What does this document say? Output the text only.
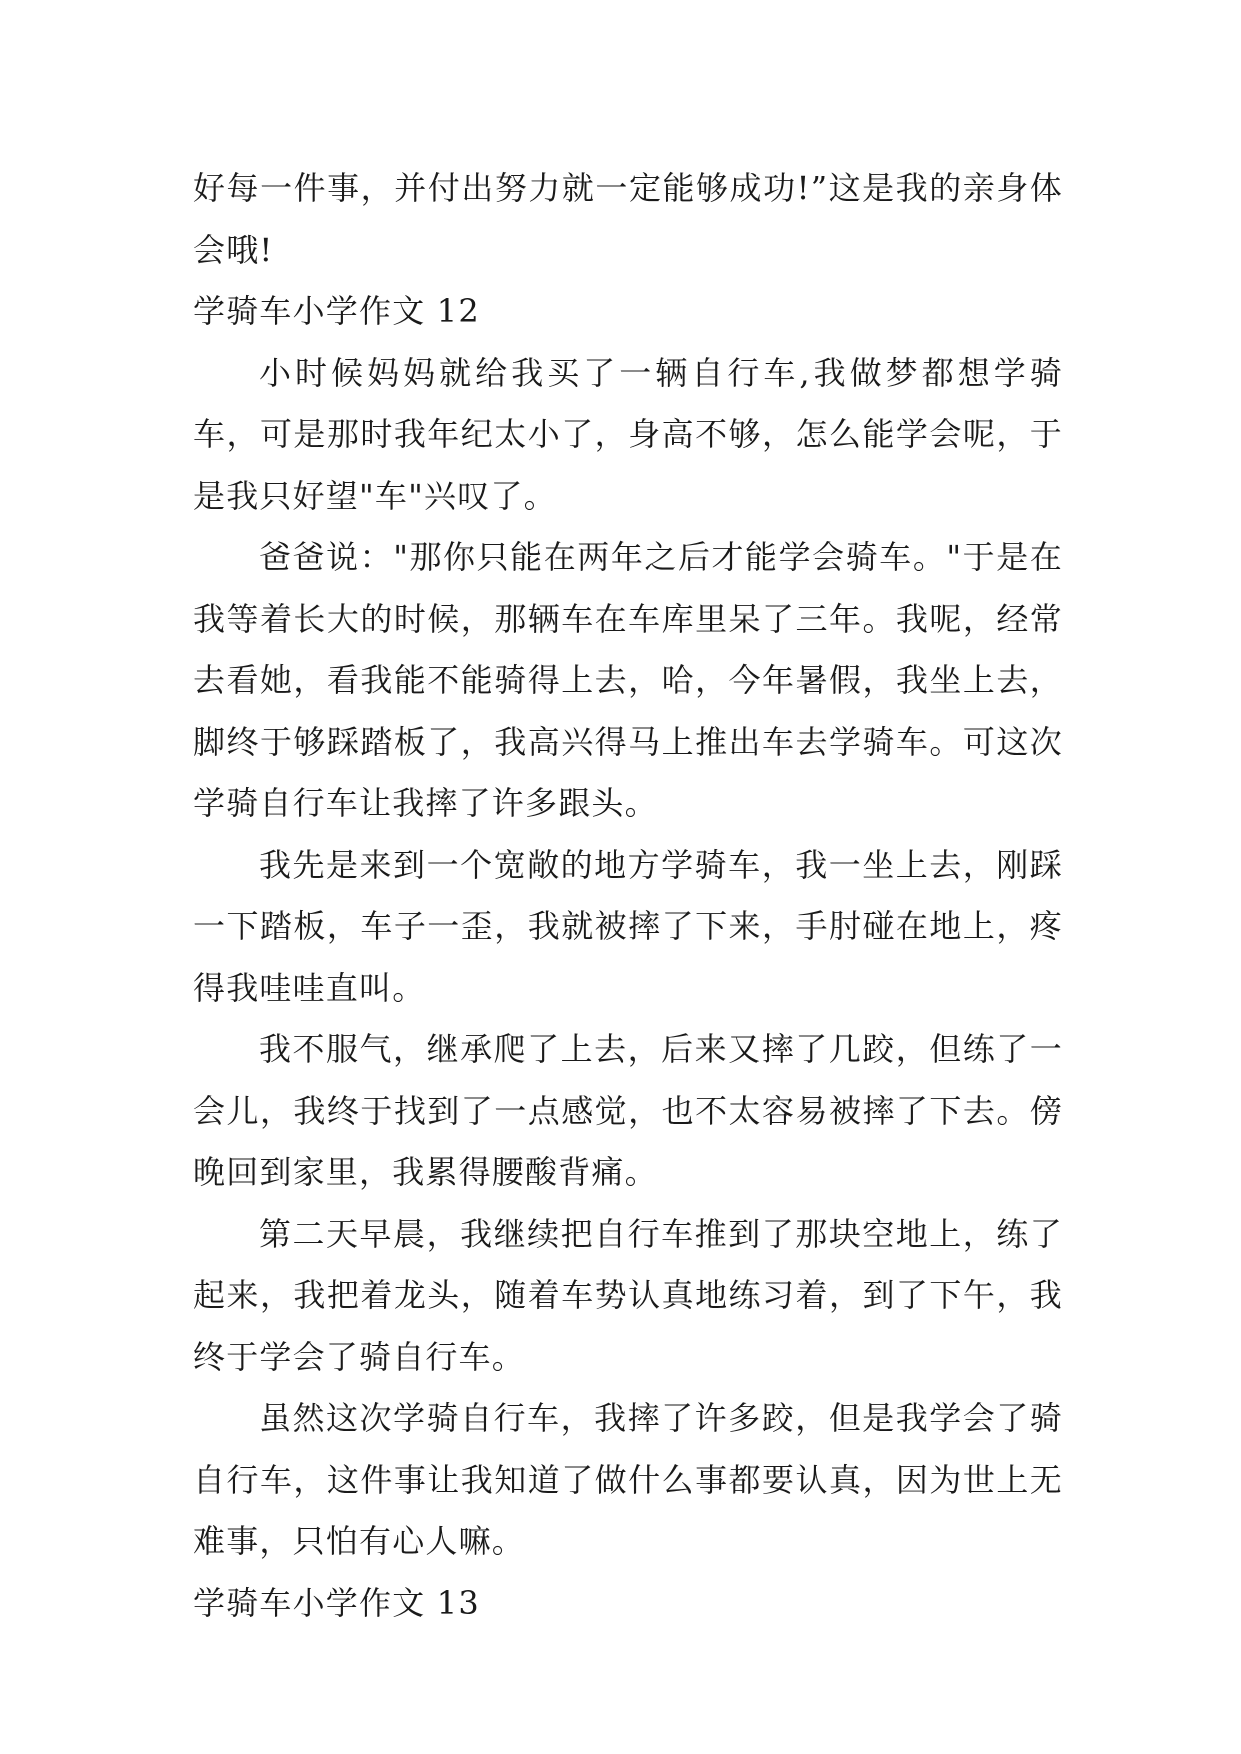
好每一件事，并付出努力就一定能够成功!”这是我的亲身体会哦!

学骑车小学作文 12

小时候妈妈就给我买了一辆自行车,我做梦都想学骑车，可是那时我年纪太小了，身高不够，怎么能学会呢，于是我只好望"车"兴叹了。

爸爸说："那你只能在两年之后才能学会骑车。"于是在我等着长大的时候，那辆车在车库里呆了三年。我呢，经常去看她，看我能不能骑得上去，哈，今年暑假，我坐上去，脚终于够踩踏板了，我高兴得马上推出车去学骑车。可这次学骑自行车让我摔了许多跟头。

我先是来到一个宽敞的地方学骑车，我一坐上去，刚踩一下踏板，车子一歪，我就被摔了下来，手肘碰在地上，疼得我哇哇直叫。

我不服气，继承爬了上去，后来又摔了几跤，但练了一会儿，我终于找到了一点感觉，也不太容易被摔了下去。傍晚回到家里，我累得腰酸背痛。

第二天早晨，我继续把自行车推到了那块空地上，练了起来，我把着龙头，随着车势认真地练习着，到了下午，我终于学会了骑自行车。

虽然这次学骑自行车，我摔了许多跤，但是我学会了骑自行车，这件事让我知道了做什么事都要认真，因为世上无难事，只怕有心人嘛。

学骑车小学作文 13
